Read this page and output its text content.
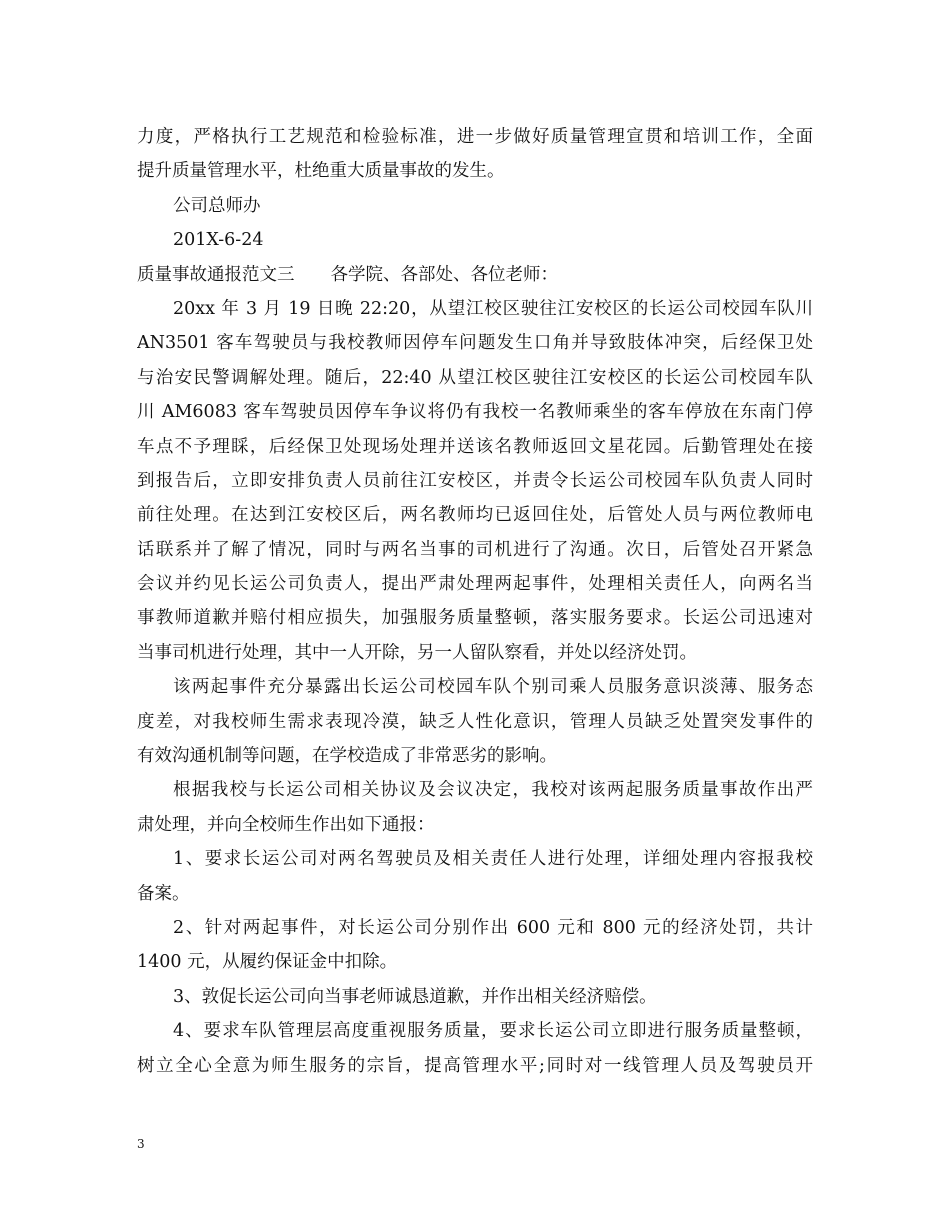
力度，严格执行工艺规范和检验标准，进一步做好质量管理宣贯和培训工作，全面
提升质量管理水平，杜绝重大质量事故的发生。
公司总师办
201X-6-24
质量事故通报范文三 各学院、各部处、各位老师：
20xx 年 3 月 19 日晚 22:20，从望江校区驶往江安校区的长运公司校园车队川
AN3501 客车驾驶员与我校教师因停车问题发生口角并导致肢体冲突，后经保卫处
与治安民警调解处理。随后，22:40 从望江校区驶往江安校区的长运公司校园车队
川 AM6083 客车驾驶员因停车争议将仍有我校一名教师乘坐的客车停放在东南门停
车点不予理睬，后经保卫处现场处理并送该名教师返回文星花园。后勤管理处在接
到报告后，立即安排负责人员前往江安校区，并责令长运公司校园车队负责人同时
前往处理。在达到江安校区后，两名教师均已返回住处，后管处人员与两位教师电
话联系并了解了情况，同时与两名当事的司机进行了沟通。次日，后管处召开紧急
会议并约见长运公司负责人，提出严肃处理两起事件，处理相关责任人，向两名当
事教师道歉并赔付相应损失，加强服务质量整顿，落实服务要求。长运公司迅速对
当事司机进行处理，其中一人开除，另一人留队察看，并处以经济处罚。
该两起事件充分暴露出长运公司校园车队个别司乘人员服务意识淡薄、服务态
度差，对我校师生需求表现冷漠，缺乏人性化意识，管理人员缺乏处置突发事件的
有效沟通机制等问题，在学校造成了非常恶劣的影响。
根据我校与长运公司相关协议及会议决定，我校对该两起服务质量事故作出严
肃处理，并向全校师生作出如下通报：
1、要求长运公司对两名驾驶员及相关责任人进行处理，详细处理内容报我校
备案。
2、针对两起事件，对长运公司分别作出 600 元和 800 元的经济处罚，共计
1400 元，从履约保证金中扣除。
3、敦促长运公司向当事老师诚恳道歉，并作出相关经济赔偿。
4、要求车队管理层高度重视服务质量，要求长运公司立即进行服务质量整顿，
树立全心全意为师生服务的宗旨，提高管理水平;同时对一线管理人员及驾驶员开
3
